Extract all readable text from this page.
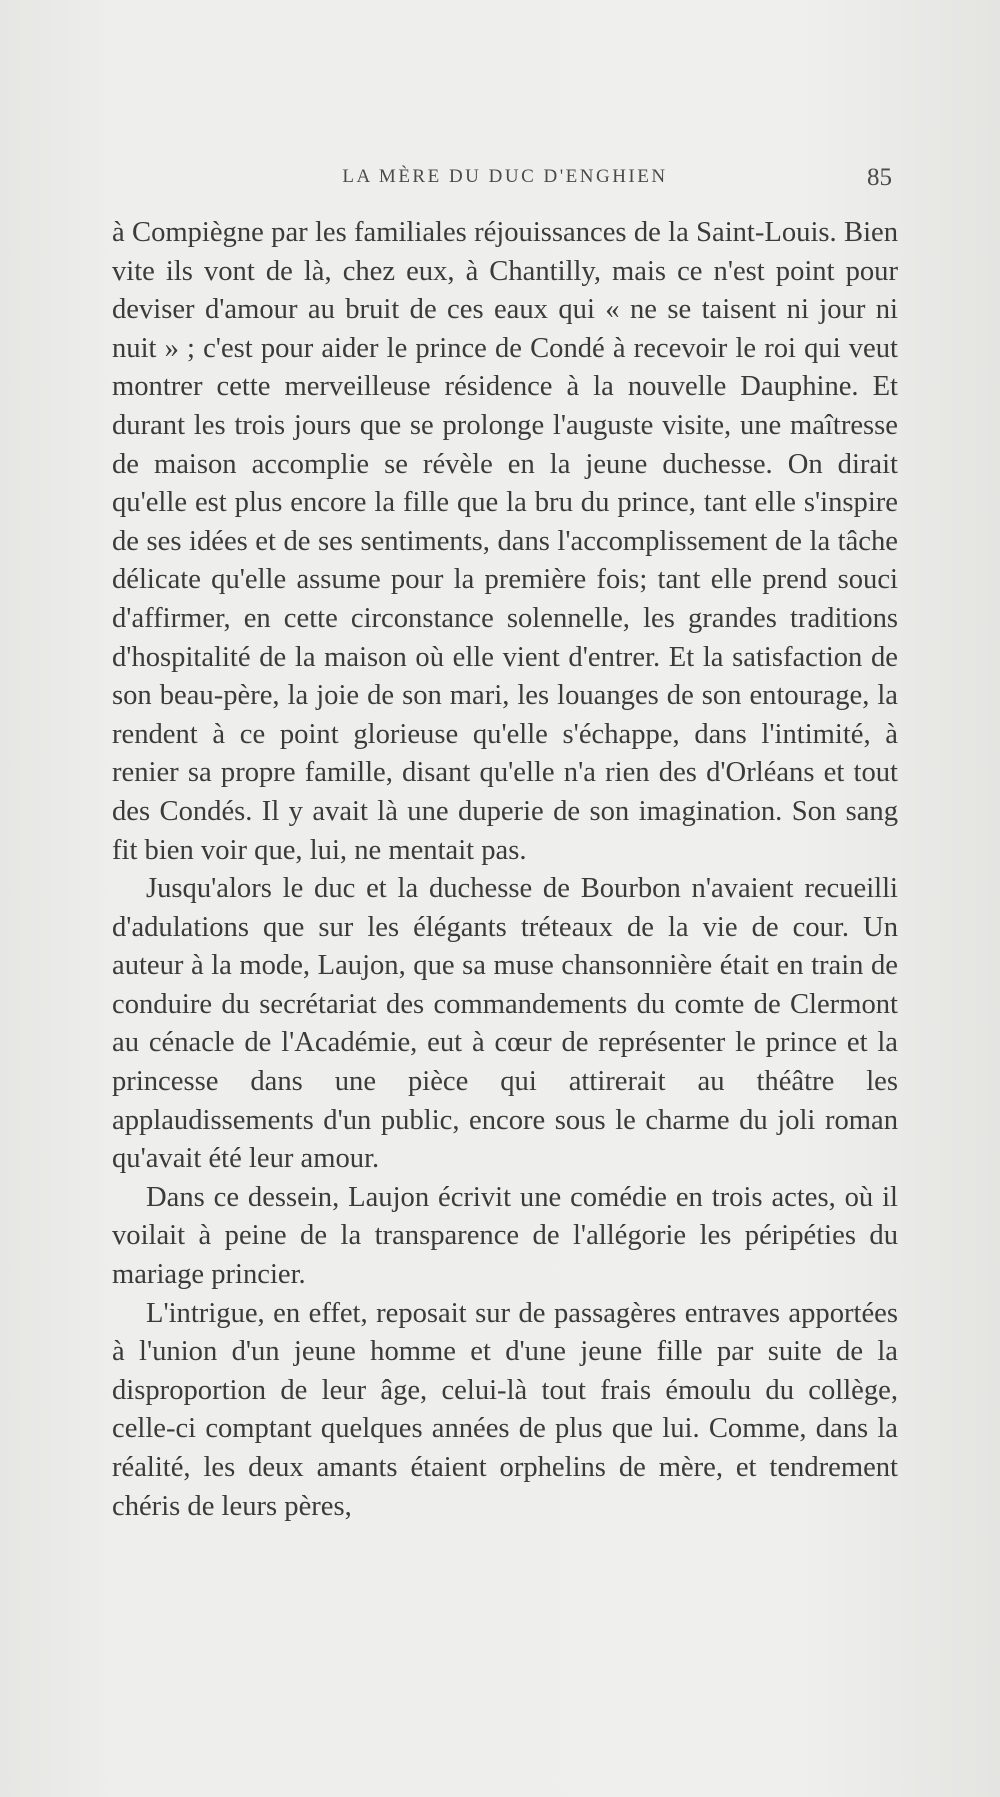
LA MÈRE DU DUC D'ENGHIEN	85

à Compiègne par les familiales réjouissances de la Saint-Louis. Bien vite ils vont de là, chez eux, à Chantilly, mais ce n'est point pour deviser d'amour au bruit de ces eaux qui « ne se taisent ni jour ni nuit » ; c'est pour aider le prince de Condé à recevoir le roi qui veut montrer cette merveilleuse résidence à la nouvelle Dauphine. Et durant les trois jours que se prolonge l'auguste visite, une maîtresse de maison accomplie se révèle en la jeune duchesse. On dirait qu'elle est plus encore la fille que la bru du prince, tant elle s'inspire de ses idées et de ses sentiments, dans l'accomplissement de la tâche délicate qu'elle assume pour la première fois; tant elle prend souci d'affirmer, en cette circonstance solennelle, les grandes traditions d'hospitalité de la maison où elle vient d'entrer. Et la satisfaction de son beau-père, la joie de son mari, les louanges de son entourage, la rendent à ce point glorieuse qu'elle s'échappe, dans l'intimité, à renier sa propre famille, disant qu'elle n'a rien des d'Orléans et tout des Condés. Il y avait là une duperie de son imagination. Son sang fit bien voir que, lui, ne mentait pas.

Jusqu'alors le duc et la duchesse de Bourbon n'avaient recueilli d'adulations que sur les élégants tréteaux de la vie de cour. Un auteur à la mode, Laujon, que sa muse chansonnière était en train de conduire du secrétariat des commandements du comte de Clermont au cénacle de l'Académie, eut à cœur de représenter le prince et la princesse dans une pièce qui attirerait au théâtre les applaudissements d'un public, encore sous le charme du joli roman qu'avait été leur amour.

Dans ce dessein, Laujon écrivit une comédie en trois actes, où il voilait à peine de la transparence de l'allégorie les péripéties du mariage princier.

L'intrigue, en effet, reposait sur de passagères entraves apportées à l'union d'un jeune homme et d'une jeune fille par suite de la disproportion de leur âge, celui-là tout frais émoulu du collège, celle-ci comptant quelques années de plus que lui. Comme, dans la réalité, les deux amants étaient orphelins de mère, et tendrement chéris de leurs pères,
